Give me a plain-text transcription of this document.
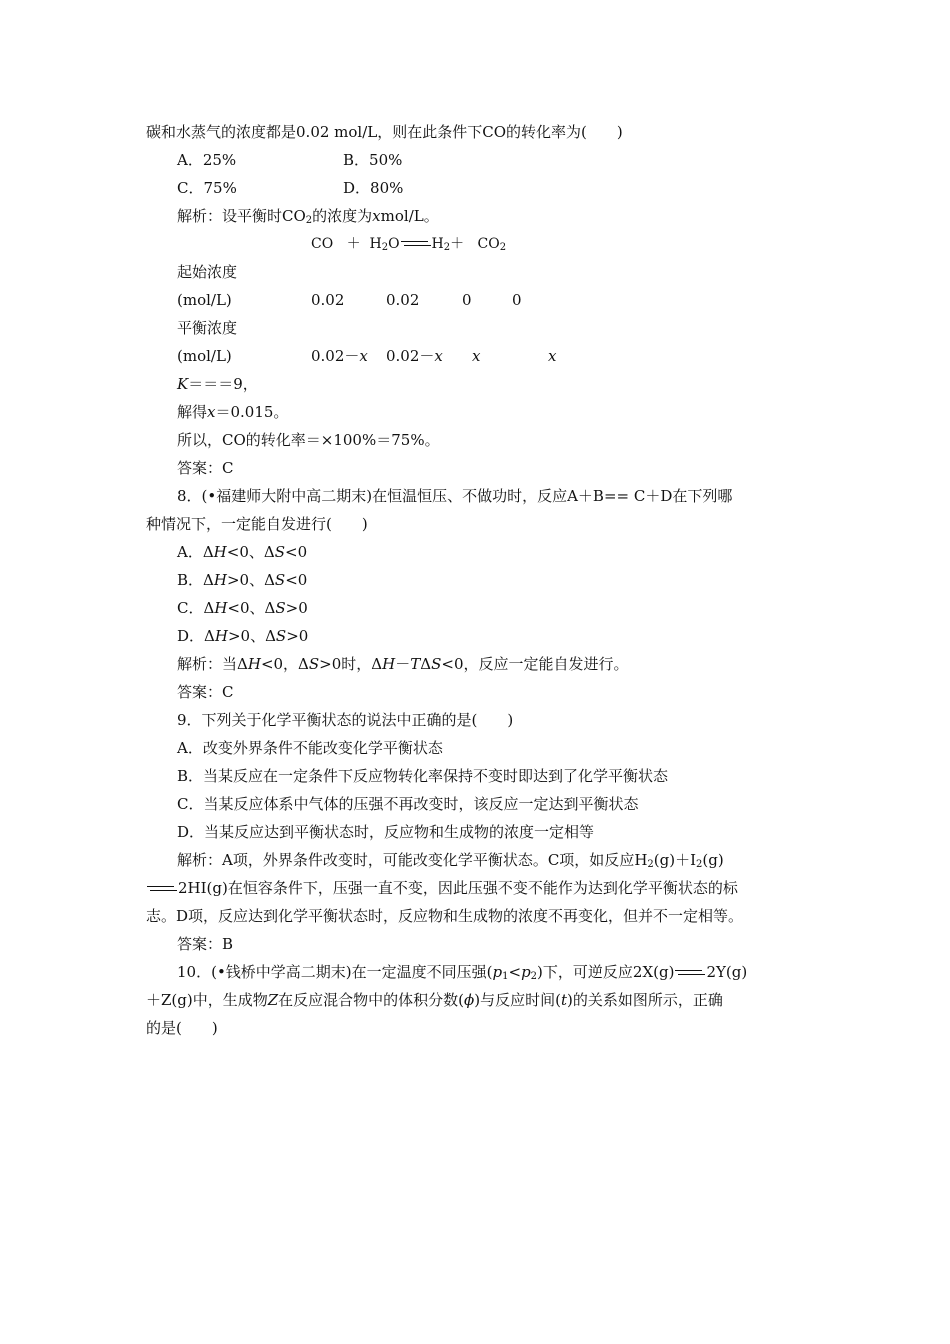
碳和水蒸气的浓度都是0.02 mol/L，则在此条件下CO的转化率为(　　)
A．25%	B．50%
C．75%	D．80%
解析：设平衡时$CO_2$的浓度为xmol/L。
CO ＋ $H_2O$ $H_2+ CO_2$
起始浓度
(mol/L)	0.02	0.02	0	0
平衡浓度
(mol/L)	0.02－x 0.02－x x	x
K＝＝＝9，
解得x＝0.015。
所以，CO的转化率＝×100%＝75%。
答案：C
8．(•福建师大附中高二期末)在恒温恒压、不做功时，反应A＋B== C＋D在下列哪
种情况下，一定能自发进行(　　)
A．ΔH<0、ΔS<0
B．ΔH>0、ΔS<0
C．ΔH<0、ΔS>0
D．ΔH>0、ΔS>0
解析：当ΔH<0，ΔS>0时，ΔH－TΔS<0，反应一定能自发进行。
答案：C
9．下列关于化学平衡状态的说法中正确的是(　　)
A．改变外界条件不能改变化学平衡状态
B．当某反应在一定条件下反应物转化率保持不变时即达到了化学平衡状态
C．当某反应体系中气体的压强不再改变时，该反应一定达到平衡状态
D．当某反应达到平衡状态时，反应物和生成物的浓度一定相等
解析：A项，外界条件改变时，可能改变化学平衡状态。C项，如反应$H_2(g)+I_2(g)$
2HI(g)在恒容条件下，压强一直不变，因此压强不变不能作为达到化学平衡状态的标
志。D项，反应达到化学平衡状态时，反应物和生成物的浓度不再变化，但并不一定相等。
答案：B
10．(•钱桥中学高二期末)在一定温度不同压强$(p_1<p_2)$下，可逆反应2X(g) 2Y(g)
＋Z(g)中，生成物Z在反应混合物中的体积分数(ϕ)与反应时间(t)的关系如图所示，正确
的是(　　)
